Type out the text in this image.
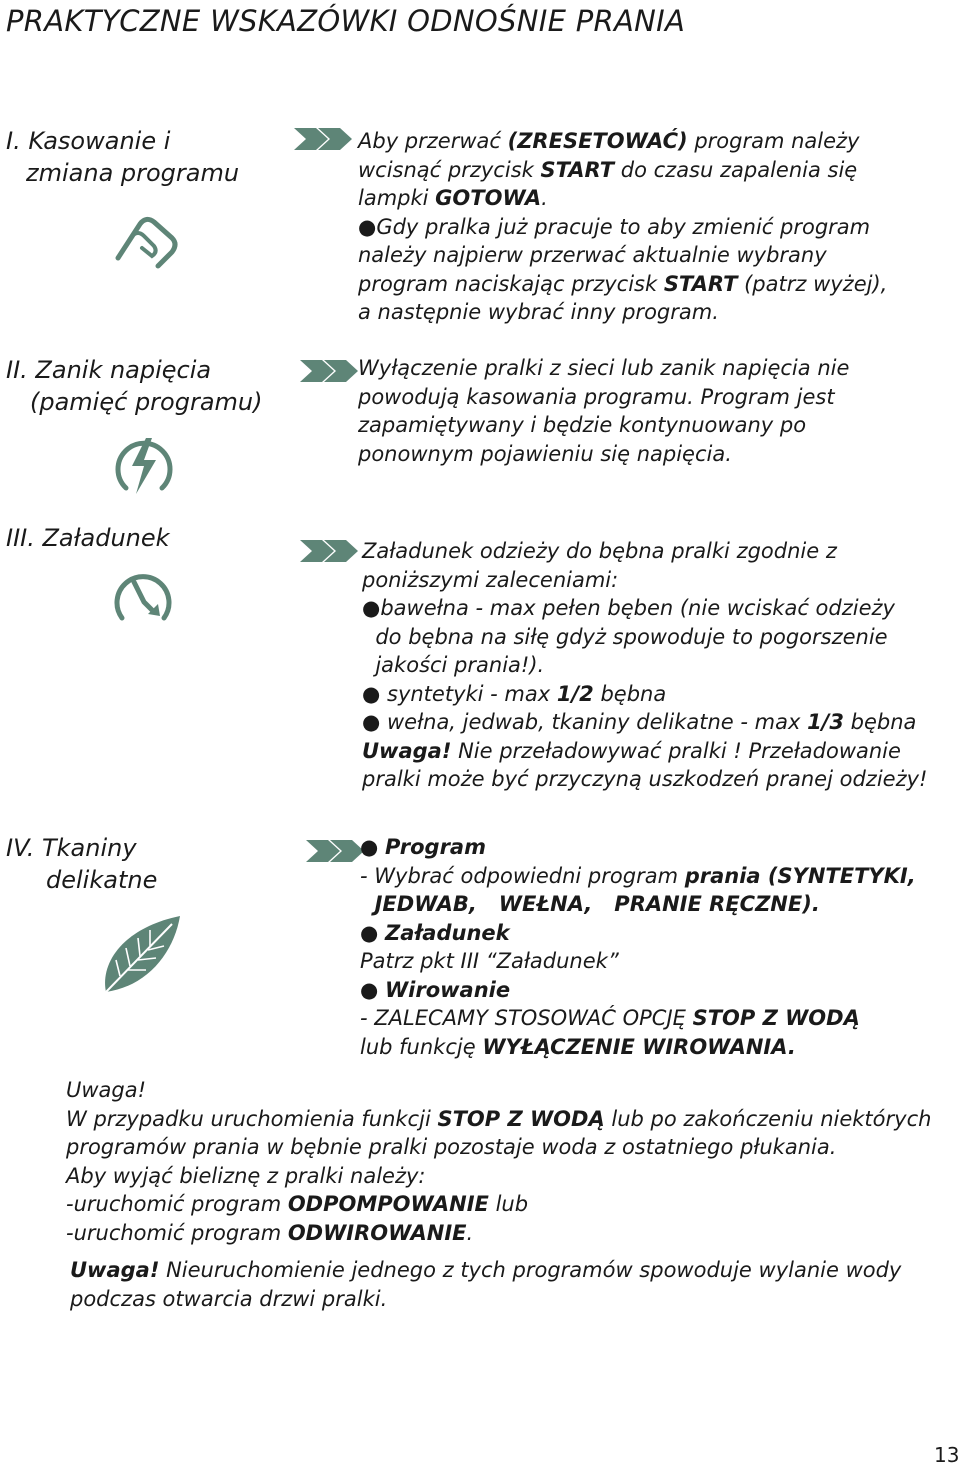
PRAKTYCZNE WSKAZÓWKI ODNOŚNIE PRANIA
I. Kasowanie i
zmiana programu
Aby przerwać (ZRESETOWAĆ) program należy
wcisnąć przycisk START do czasu zapalenia się
lampki GOTOWA.
●Gdy pralka już pracuje to aby zmienić program
należy najpierw przerwać aktualnie wybrany
program naciskając przycisk START (patrz wyżej),
a następnie wybrać inny program.
II. Zanik napięcia
(pamięć programu)
Wyłączenie pralki z sieci lub zanik napięcia nie
powodują kasowania programu. Program jest
zapamiętywany i będzie kontynuowany po
ponownym pojawieniu się napięcia.
III. Załadunek	Załadunek odzieży do bębna pralki zgodnie z
poniższymi zaleceniami:
●bawełna - max pełen bęben (nie wciskać odzieży
do bębna na siłę gdyż spowoduje to pogorszenie
jakości prania!).
● syntetyki - max 1/2 bębna
● wełna, jedwab, tkaniny delikatne - max 1/3 bębna
Uwaga! Nie przeładowywać pralki ! Przeładowanie
pralki może być przyczyną uszkodzeń pranej odzieży!
IV. Tkaniny
delikatne
● Program
- Wybrać odpowiedni program prania (SYNTETYKI,
JEDWAB,   WEŁNA,   PRANIE RĘCZNE).
● Załadunek
Patrz pkt III “Załadunek”
● Wirowanie
- ZALECAMY STOSOWAĆ OPCJĘ STOP Z WODĄ
lub funkcję WYŁĄCZENIE WIROWANIA.
Uwaga!
W przypadku uruchomienia funkcji STOP Z WODĄ lub po zakończeniu niektórych
programów prania w bębnie pralki pozostaje woda z ostatniego płukania.
Aby wyjąć bieliznę z pralki należy:
-uruchomić program ODPOMPOWANIE lub
-uruchomić program ODWIROWANIE.
Uwaga! Nieuruchomienie jednego z tych programów spowoduje wylanie wody
podczas otwarcia drzwi pralki.
13
